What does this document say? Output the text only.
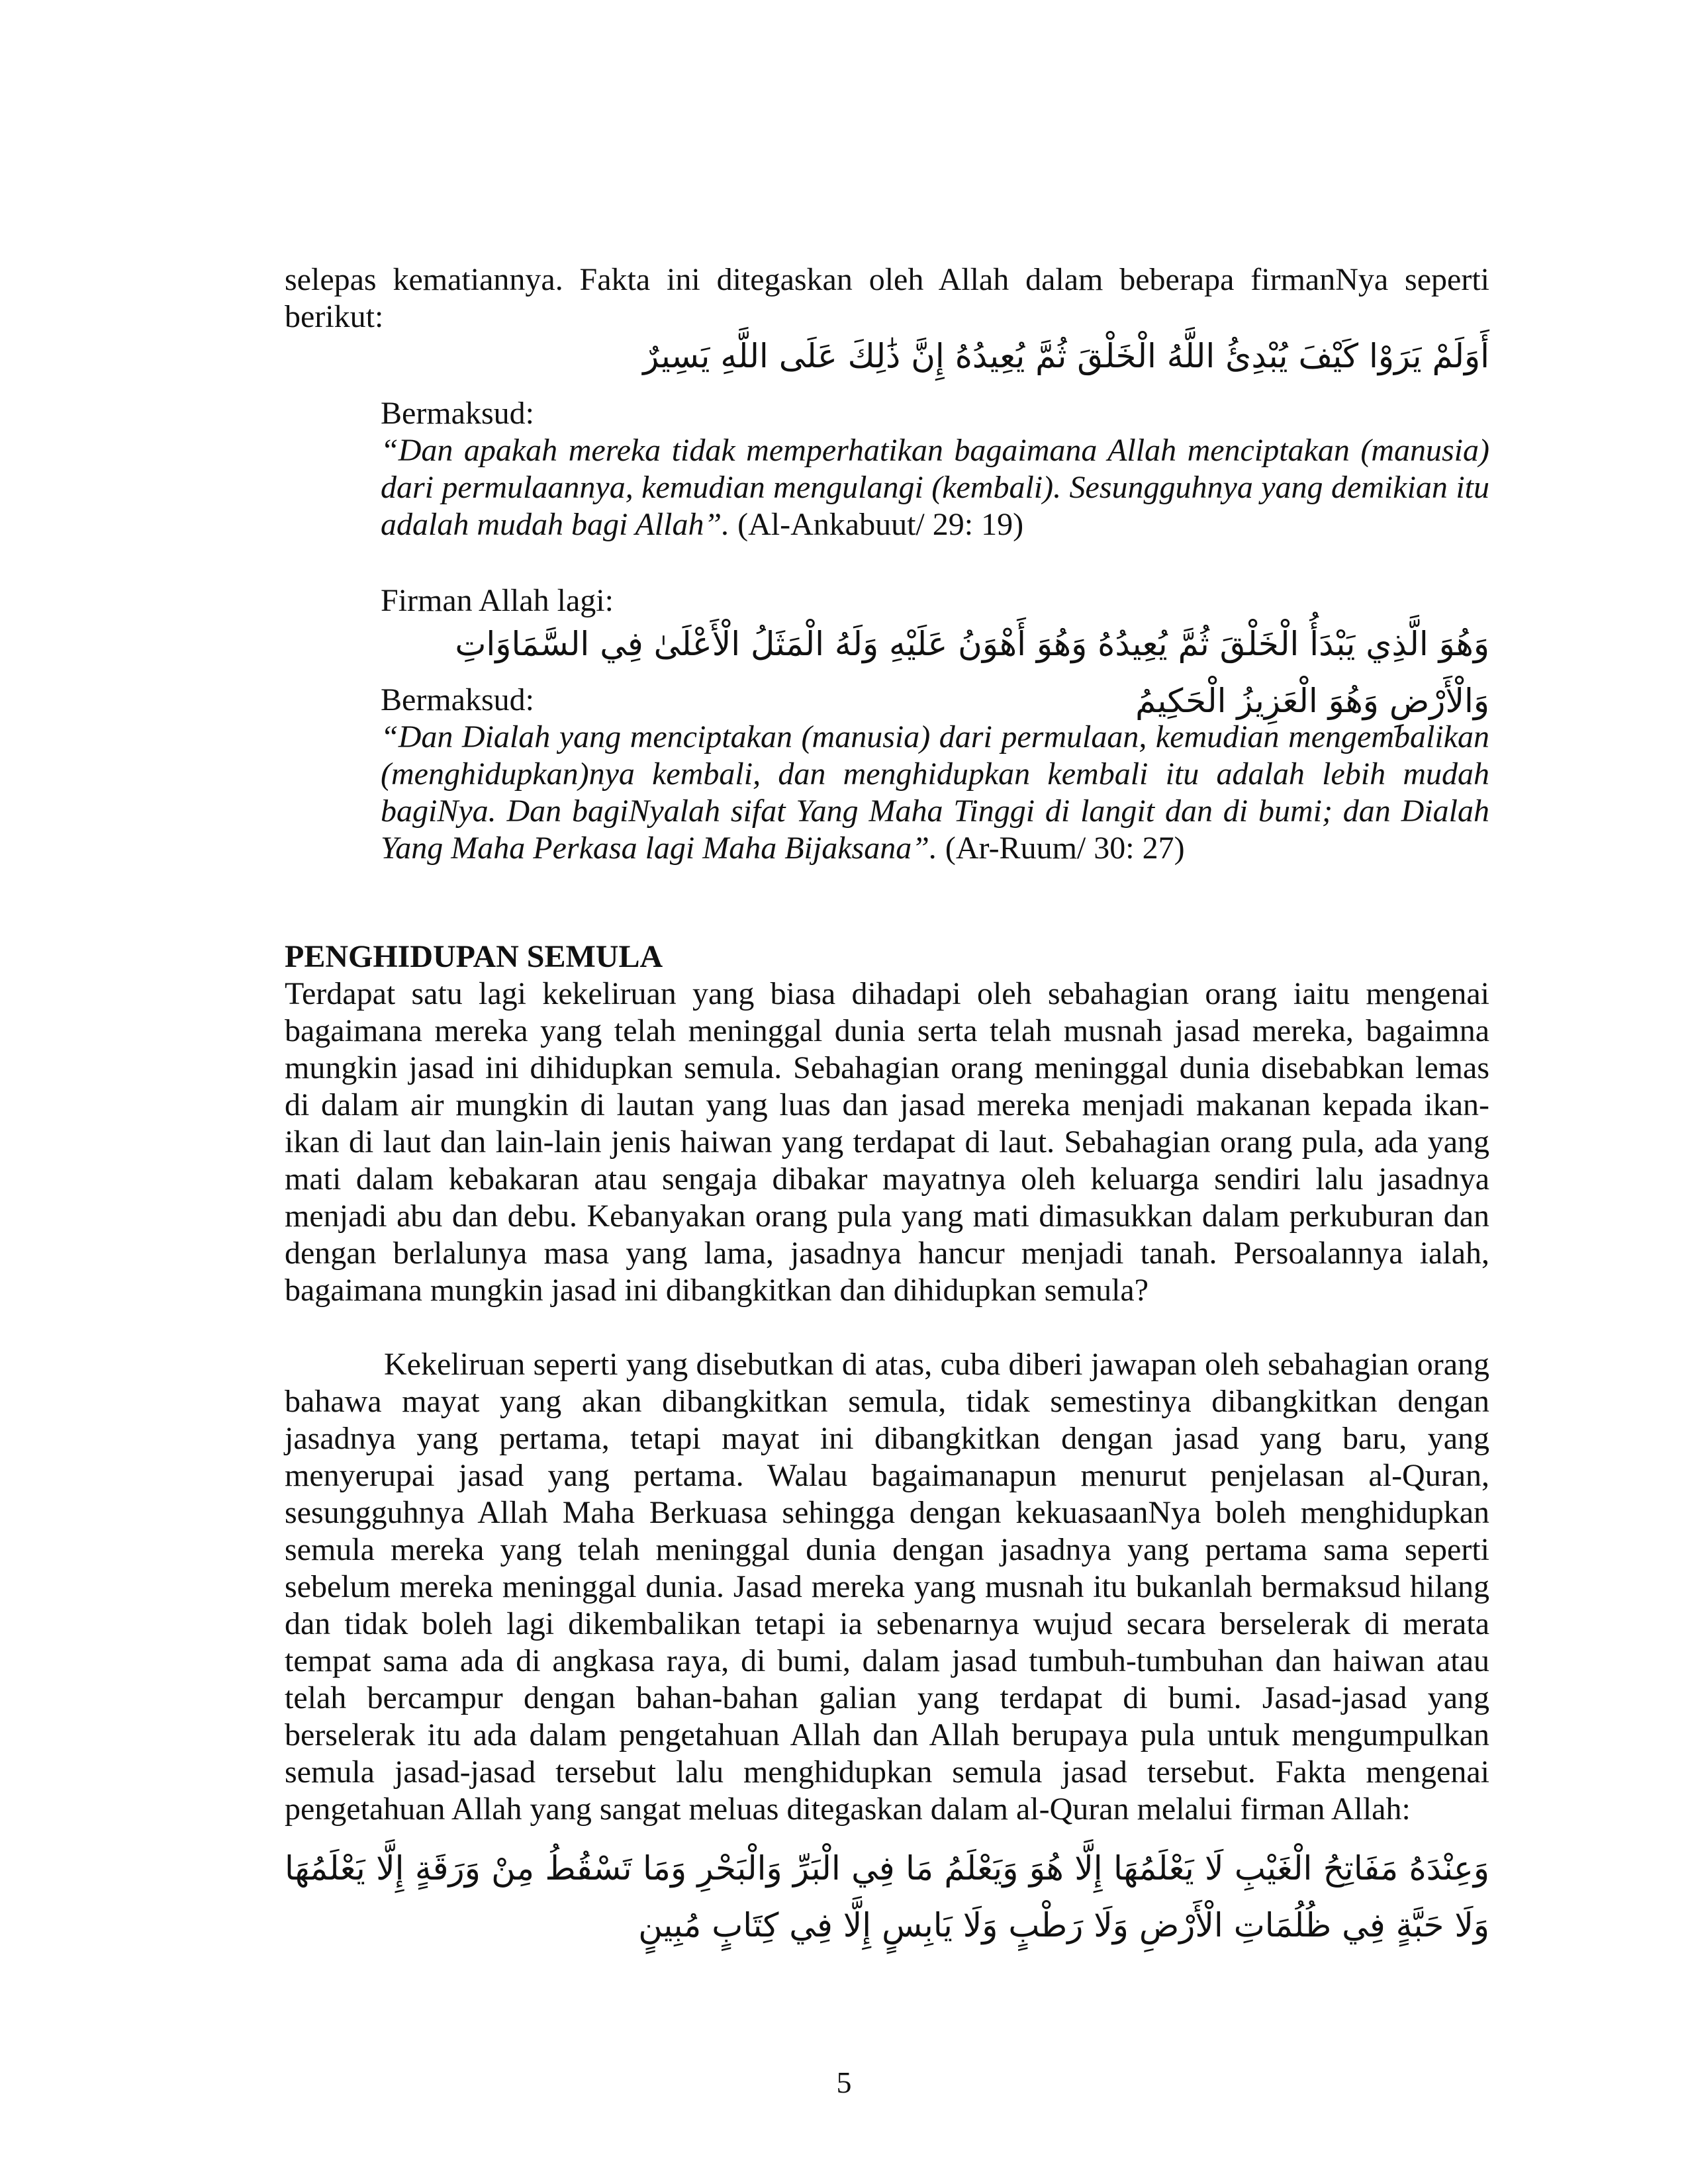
selepas kematiannya. Fakta ini ditegaskan oleh Allah dalam beberapa firmanNya seperti berikut:

أَوَلَمْ يَرَوْا كَيْفَ يُبْدِئُ اللَّهُ الْخَلْقَ ثُمَّ يُعِيدُهُ إِنَّ ذَٰلِكَ عَلَى اللَّهِ يَسِيرٌ

Bermaksud:

“Dan apakah mereka tidak memperhatikan bagaimana Allah menciptakan (manusia) dari permulaannya, kemudian mengulangi (kembali). Sesungguhnya yang demikian itu adalah mudah bagi Allah”. (Al-Ankabuut/ 29: 19)

Firman Allah lagi:

وَهُوَ الَّذِي يَبْدَأُ الْخَلْقَ ثُمَّ يُعِيدُهُ وَهُوَ أَهْوَنُ عَلَيْهِ وَلَهُ الْمَثَلُ الْأَعْلَىٰ فِي السَّمَاوَاتِ وَالْأَرْضِ وَهُوَ الْعَزِيزُ الْحَكِيمُ

Bermaksud:

“Dan Dialah yang menciptakan (manusia) dari permulaan, kemudian mengembalikan (menghidupkan)nya kembali, dan menghidupkan kembali itu adalah lebih mudah bagiNya. Dan bagiNyalah sifat Yang Maha Tinggi di langit dan di bumi; dan Dialah Yang Maha Perkasa lagi Maha Bijaksana”. (Ar-Ruum/ 30: 27)

PENGHIDUPAN SEMULA

Terdapat satu lagi kekeliruan yang biasa dihadapi oleh sebahagian orang iaitu mengenai bagaimana mereka yang telah meninggal dunia serta telah musnah jasad mereka, bagaimna mungkin jasad ini dihidupkan semula. Sebahagian orang meninggal dunia disebabkan lemas di dalam air mungkin di lautan yang luas dan jasad mereka menjadi makanan kepada ikan-ikan di laut dan lain-lain jenis haiwan yang terdapat di laut. Sebahagian orang pula, ada yang mati dalam kebakaran atau sengaja dibakar mayatnya oleh keluarga sendiri lalu jasadnya menjadi abu dan debu. Kebanyakan orang pula yang mati dimasukkan dalam perkuburan dan dengan berlalunya masa yang lama, jasadnya hancur menjadi tanah. Persoalannya ialah, bagaimana mungkin jasad ini dibangkitkan dan dihidupkan semula?

Kekeliruan seperti yang disebutkan di atas, cuba diberi jawapan oleh sebahagian orang bahawa mayat yang akan dibangkitkan semula, tidak semestinya dibangkitkan dengan jasadnya yang pertama, tetapi mayat ini dibangkitkan dengan jasad yang baru, yang menyerupai jasad yang pertama. Walau bagaimanapun menurut penjelasan al-Quran, sesungguhnya Allah Maha Berkuasa sehingga dengan kekuasaanNya boleh menghidupkan semula mereka yang telah meninggal dunia dengan jasadnya yang pertama sama seperti sebelum mereka meninggal dunia. Jasad mereka yang musnah itu bukanlah bermaksud hilang dan tidak boleh lagi dikembalikan tetapi ia sebenarnya wujud secara berselerak di merata tempat sama ada di angkasa raya, di bumi, dalam jasad tumbuh-tumbuhan dan haiwan atau telah bercampur dengan bahan-bahan galian yang terdapat di bumi. Jasad-jasad yang berselerak itu ada dalam pengetahuan Allah dan Allah berupaya pula untuk mengumpulkan semula jasad-jasad tersebut lalu menghidupkan semula jasad tersebut. Fakta mengenai pengetahuan Allah yang sangat meluas ditegaskan dalam al-Quran melalui firman Allah:

وَعِنْدَهُ مَفَاتِحُ الْغَيْبِ لَا يَعْلَمُهَا إِلَّا هُوَ وَيَعْلَمُ مَا فِي الْبَرِّ وَالْبَحْرِ وَمَا تَسْقُطُ مِنْ وَرَقَةٍ إِلَّا يَعْلَمُهَا وَلَا حَبَّةٍ فِي ظُلُمَاتِ الْأَرْضِ وَلَا رَطْبٍ وَلَا يَابِسٍ إِلَّا فِي كِتَابٍ مُبِينٍ
5
